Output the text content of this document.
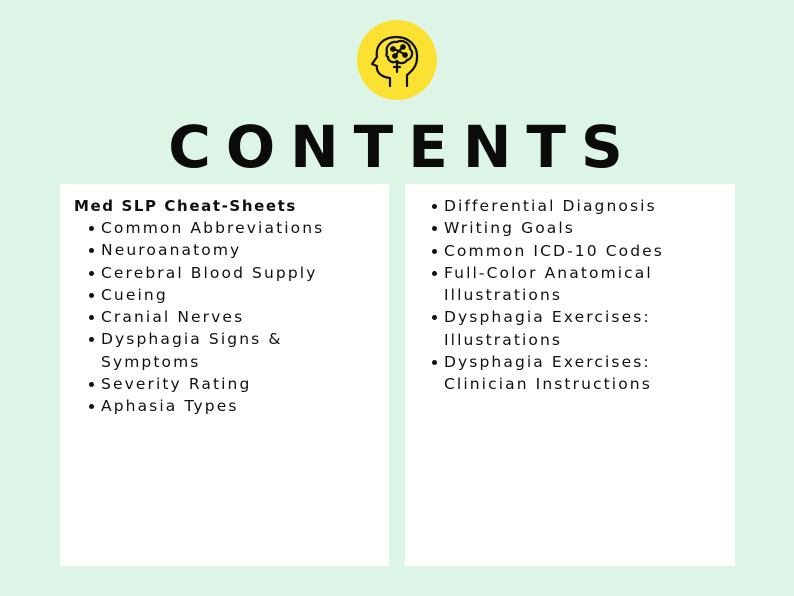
CONTENTS

Med SLP Cheat-Sheets

Common Abbreviations
Neuroanatomy
Cerebral Blood Supply
Cueing
Cranial Nerves
Dysphagia Signs &
Symptoms
Severity Rating
Aphasia Types
Differential Diagnosis
Writing Goals
Common ICD-10 Codes
Full-Color Anatomical
Illustrations
Dysphagia Exercises:
Illustrations
Dysphagia Exercises:
Clinician Instructions
